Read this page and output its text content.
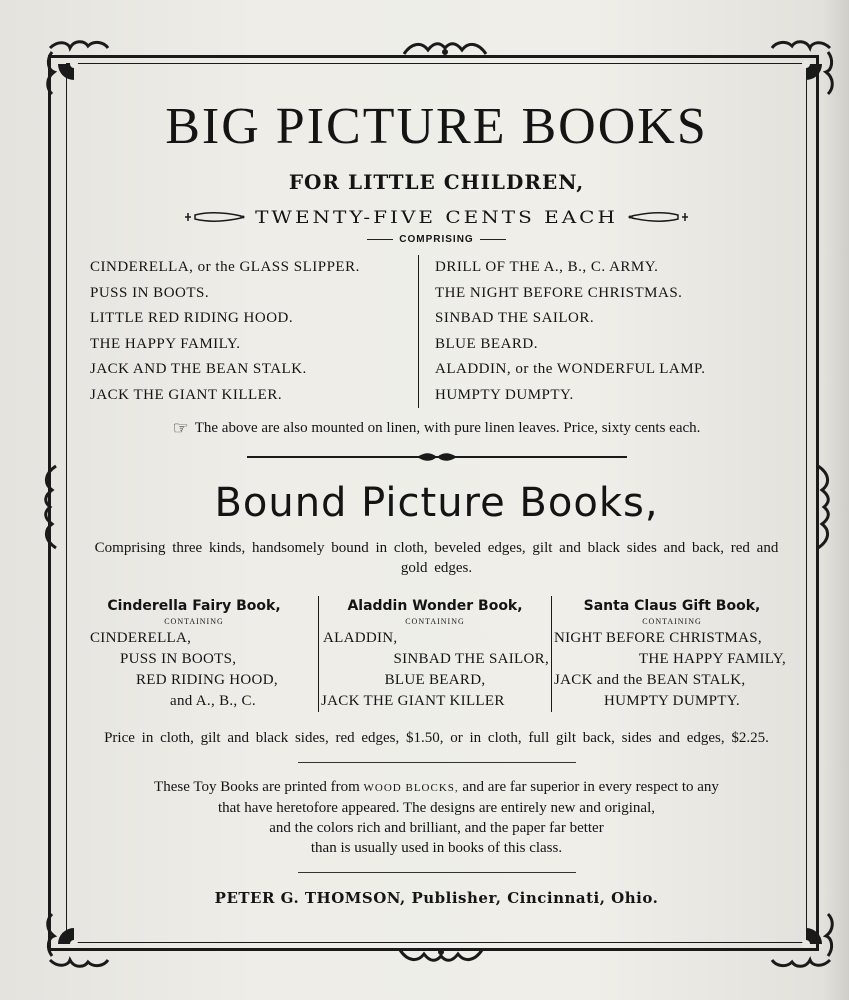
BIG PICTURE BOOKS
FOR LITTLE CHILDREN,
TWENTY-FIVE CENTS EACH
COMPRISING
CINDERELLA, or the GLASS SLIPPER.
PUSS IN BOOTS.
LITTLE RED RIDING HOOD.
THE HAPPY FAMILY.
JACK AND THE BEAN STALK.
JACK THE GIANT KILLER.
DRILL OF THE A., B., C. ARMY.
THE NIGHT BEFORE CHRISTMAS.
SINBAD THE SAILOR.
BLUE BEARD.
ALADDIN, or the WONDERFUL LAMP.
HUMPTY DUMPTY.
☞ The above are also mounted on linen, with pure linen leaves. Price, sixty cents each.
Bound Picture Books,
Comprising three kinds, handsomely bound in cloth, beveled edges, gilt and black sides and back, red and gold edges.
Cinderella Fairy Book,
CONTAINING
CINDERELLA,
PUSS IN BOOTS,
RED RIDING HOOD,
and A., B., C.
Aladdin Wonder Book,
CONTAINING
ALADDIN,
SINBAD THE SAILOR,
BLUE BEARD,
JACK THE GIANT KILLER
Santa Claus Gift Book,
CONTAINING
NIGHT BEFORE CHRISTMAS,
THE HAPPY FAMILY,
JACK and the BEAN STALK,
HUMPTY DUMPTY.
Price in cloth, gilt and black sides, red edges, $1.50, or in cloth, full gilt back, sides and edges, $2.25.
These Toy Books are printed from WOOD BLOCKS, and are far superior in every respect to any
that have heretofore appeared. The designs are entirely new and original,
and the colors rich and brilliant, and the paper far better
than is usually used in books of this class.
PETER G. THOMSON, Publisher, Cincinnati, Ohio.
